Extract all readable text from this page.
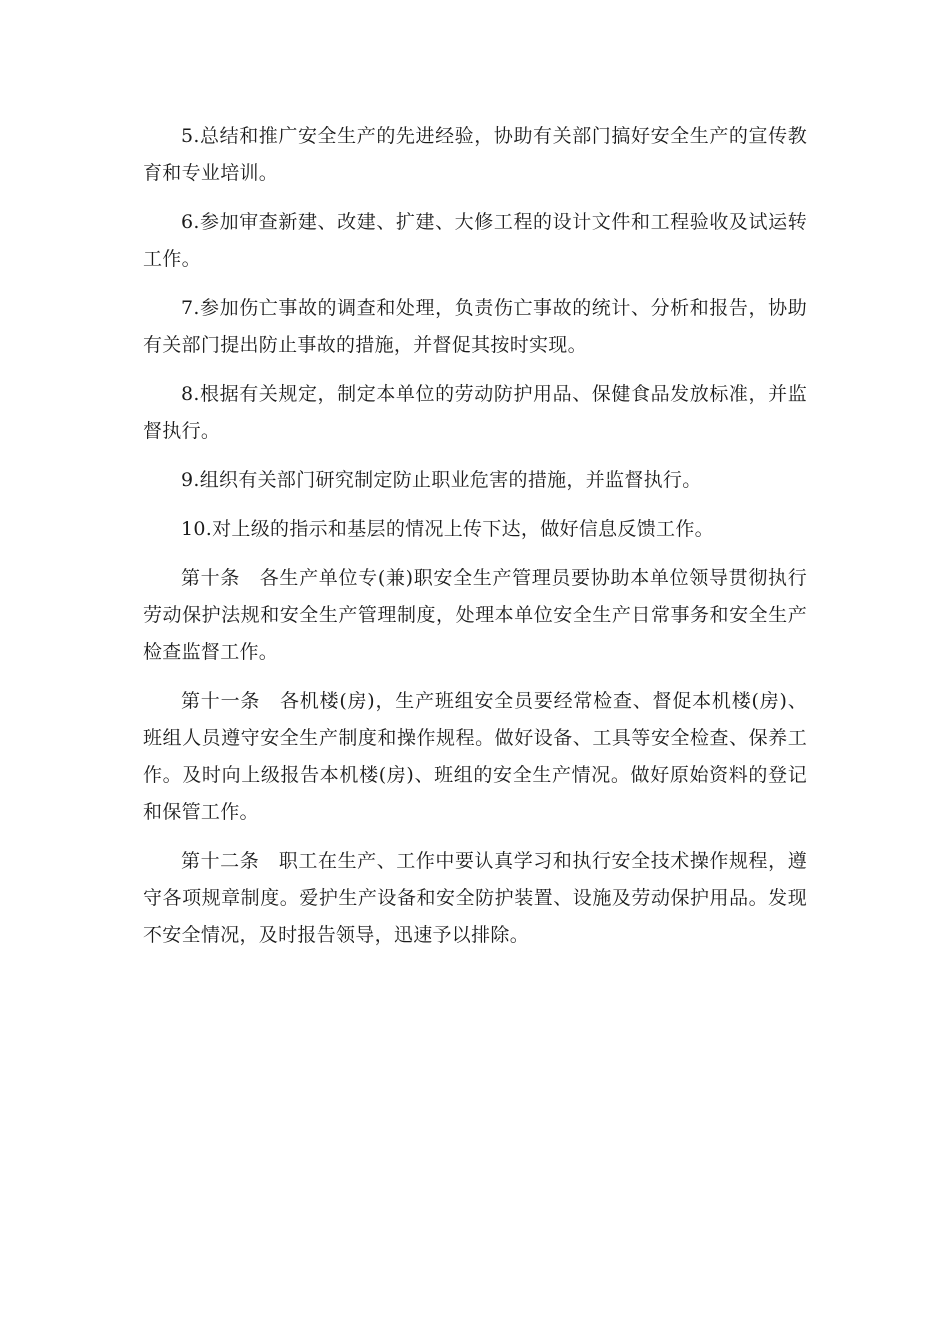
5.总结和推广安全生产的先进经验，协助有关部门搞好安全生产的宣传教育和专业培训。

6.参加审查新建、改建、扩建、大修工程的设计文件和工程验收及试运转工作。

7.参加伤亡事故的调查和处理，负责伤亡事故的统计、分析和报告，协助有关部门提出防止事故的措施，并督促其按时实现。

8.根据有关规定，制定本单位的劳动防护用品、保健食品发放标准，并监督执行。

9.组织有关部门研究制定防止职业危害的措施，并监督执行。

10.对上级的指示和基层的情况上传下达，做好信息反馈工作。

第十条　各生产单位专(兼)职安全生产管理员要协助本单位领导贯彻执行劳动保护法规和安全生产管理制度，处理本单位安全生产日常事务和安全生产检查监督工作。

第十一条　各机楼(房)，生产班组安全员要经常检查、督促本机楼(房)、班组人员遵守安全生产制度和操作规程。做好设备、工具等安全检查、保养工作。及时向上级报告本机楼(房)、班组的安全生产情况。做好原始资料的登记和保管工作。

第十二条　职工在生产、工作中要认真学习和执行安全技术操作规程，遵守各项规章制度。爱护生产设备和安全防护装置、设施及劳动保护用品。发现不安全情况，及时报告领导，迅速予以排除。
